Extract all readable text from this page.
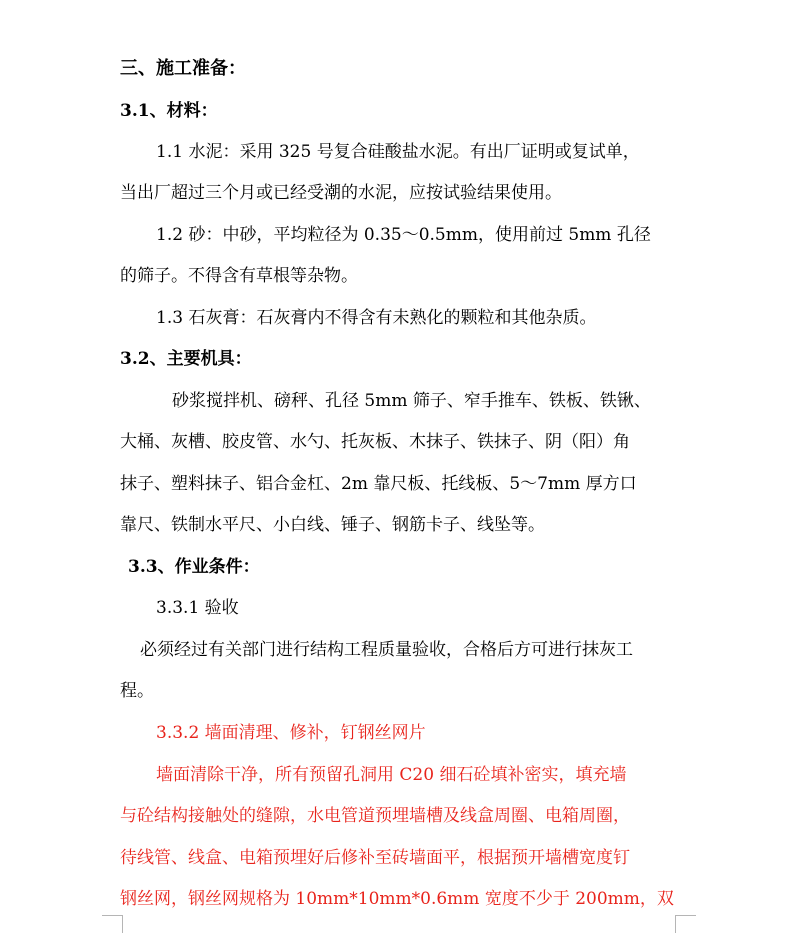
三、施工准备：
3.1、材料：
1.1 水泥：采用 325 号复合硅酸盐水泥。有出厂证明或复试单，
当出厂超过三个月或已经受潮的水泥，应按试验结果使用。
1.2 砂：中砂，平均粒径为 0.35～0.5mm，使用前过 5mm 孔径
的筛子。不得含有草根等杂物。
1.3 石灰膏：石灰膏内不得含有未熟化的颗粒和其他杂质。
3.2、主要机具：
砂浆搅拌机、磅秤、孔径 5mm 筛子、窄手推车、铁板、铁锹、
大桶、灰槽、胶皮管、水勺、托灰板、木抹子、铁抹子、阴（阳）角
抹子、塑料抹子、铝合金杠、2m 靠尺板、托线板、5～7mm 厚方口
靠尺、铁制水平尺、小白线、锤子、钢筋卡子、线坠等。
3.3、作业条件：
3.3.1 验收
必须经过有关部门进行结构工程质量验收，合格后方可进行抹灰工
程。
3.3.2 墙面清理、修补，钉钢丝网片
墙面清除干净，所有预留孔洞用 C20 细石砼填补密实，填充墙
与砼结构接触处的缝隙，水电管道预埋墙槽及线盒周圈、电箱周圈，
待线管、线盒、电箱预埋好后修补至砖墙面平，根据预开墙槽宽度钉
钢丝网，钢丝网规格为 10mm*10mm*0.6mm 宽度不少于 200mm，双
